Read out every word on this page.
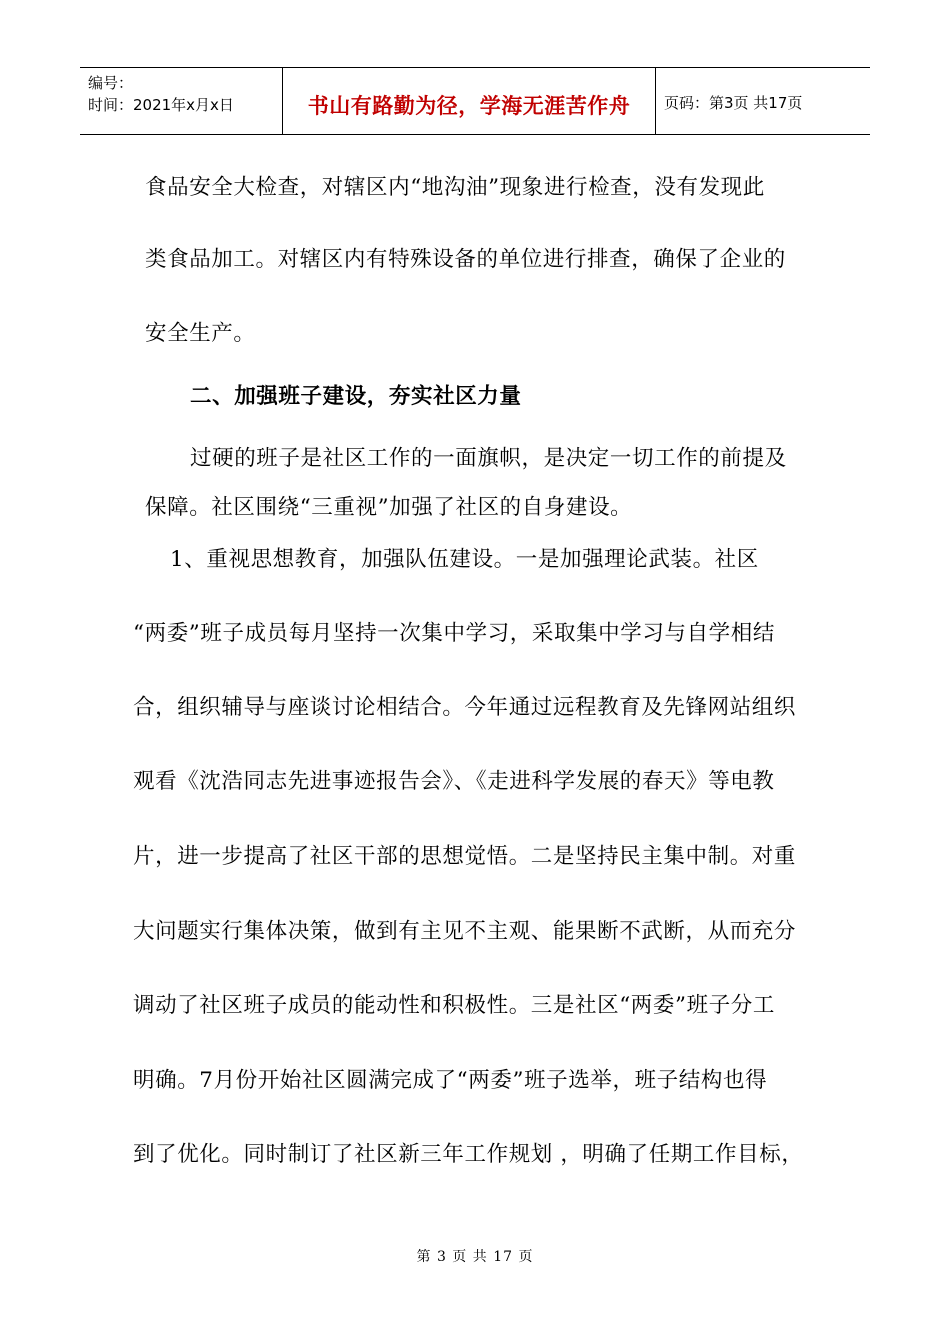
编号：
时间：2021年x月x日	书山有路勤为径，学海无涯苦作舟	页码：第3页 共17页
食品安全大检查，对辖区内“地沟油”现象进行检查，没有发现此
类食品加工。对辖区内有特殊设备的单位进行排查，确保了企业的
安全生产。
二、加强班子建设，夯实社区力量
过硬的班子是社区工作的一面旗帜，是决定一切工作的前提及
保障。社区围绕“三重视”加强了社区的自身建设。
1、重视思想教育，加强队伍建设。一是加强理论武装。社区
“两委”班子成员每月坚持一次集中学习，采取集中学习与自学相结
合，组织辅导与座谈讨论相结合。今年通过远程教育及先锋网站组织
观看《沈浩同志先进事迹报告会》、《走进科学发展的春天》等电教
片，进一步提高了社区干部的思想觉悟。二是坚持民主集中制。对重
大问题实行集体决策，做到有主见不主观、能果断不武断，从而充分
调动了社区班子成员的能动性和积极性。三是社区“两委”班子分工
明确。7月份开始社区圆满完成了“两委”班子选举，班子结构也得
到了优化。同时制订了社区新三年工作规划 ，明确了任期工作目标，
第 3 页 共 17 页
